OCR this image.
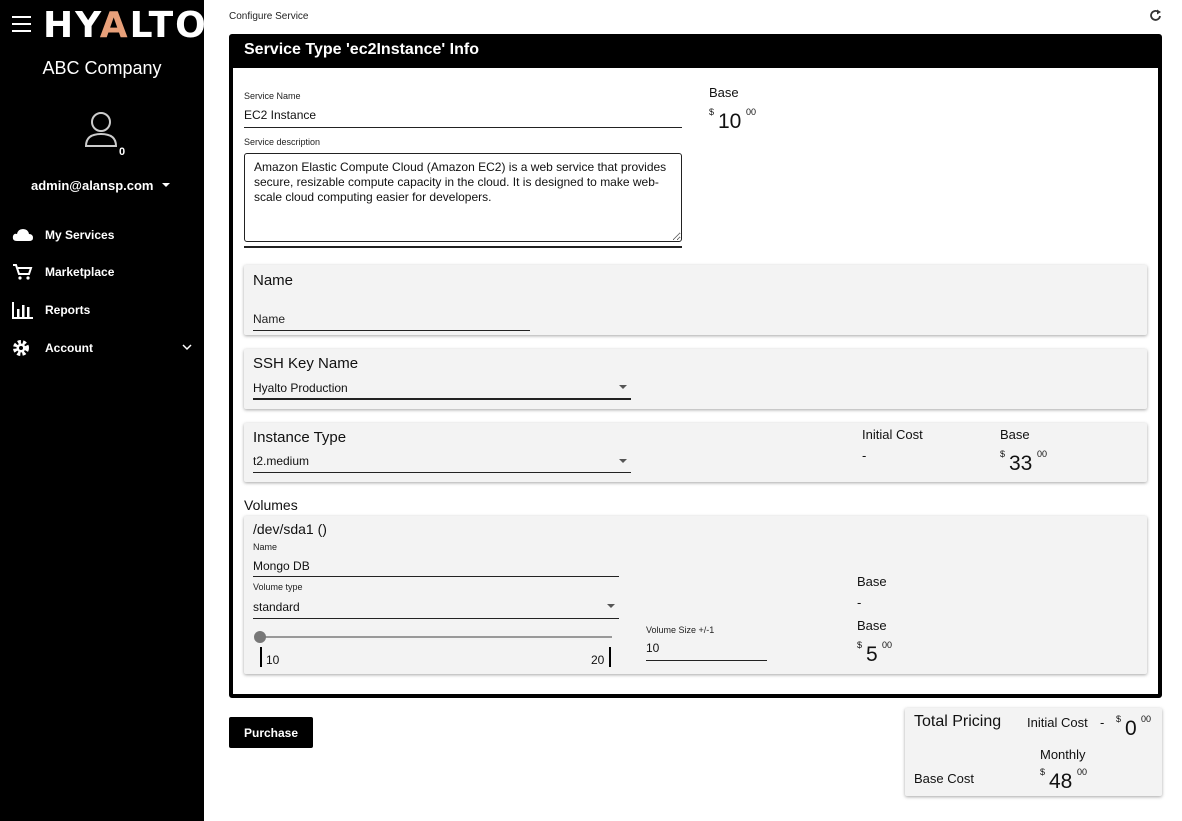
HYALTO
ABC Company
0
admin@alansp.com
My Services
Marketplace
Reports
Account
Configure Service
Service Type 'ec2Instance' Info
Service Name
EC2 Instance
Base
$ 10 00
Service description
Amazon Elastic Compute Cloud (Amazon EC2) is a web service that provides secure, resizable compute capacity in the cloud. It is designed to make web-scale cloud computing easier for developers.
Name
Name
SSH Key Name
Hyalto Production
Instance Type
t2.medium
Initial Cost
-
Base
$ 33 00
Volumes
/dev/sda1 ()
Name
Mongo DB
Volume type
standard
10	20
Volume Size +/-1
10
Base
-
Base
$ 5 00
Purchase
Total Pricing Initial Cost - $ 0 00
Monthly
Base Cost	$ 48 00
